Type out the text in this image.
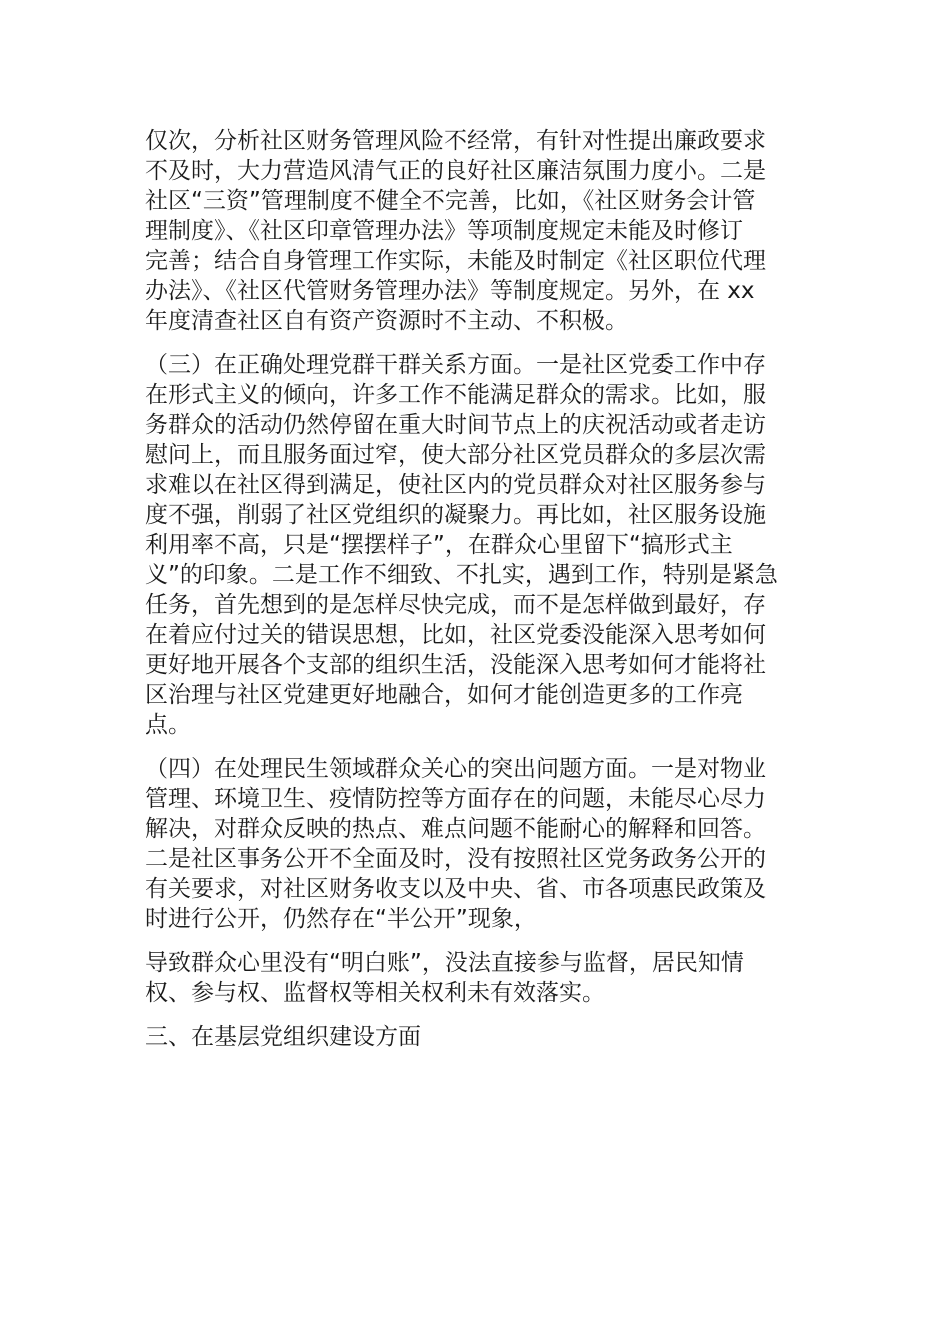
仅次，分析社区财务管理风险不经常，有针对性提出廉政要求
不及时，大力营造风清气正的良好社区廉洁氛围力度小。二是
社区“三资”管理制度不健全不完善，比如，《社区财务会计管
理制度》、《社区印章管理办法》等项制度规定未能及时修订
完善；结合自身管理工作实际，未能及时制定《社区职位代理
办法》、《社区代管财务管理办法》等制度规定。另外，在 xx
年度清查社区自有资产资源时不主动、不积极。
（三）在正确处理党群干群关系方面。一是社区党委工作中存
在形式主义的倾向，许多工作不能满足群众的需求。比如，服
务群众的活动仍然停留在重大时间节点上的庆祝活动或者走访
慰问上，而且服务面过窄，使大部分社区党员群众的多层次需
求难以在社区得到满足，使社区内的党员群众对社区服务参与
度不强，削弱了社区党组织的凝聚力。再比如，社区服务设施
利用率不高，只是“摆摆样子”，在群众心里留下“搞形式主
义”的印象。二是工作不细致、不扎实，遇到工作，特别是紧急
任务，首先想到的是怎样尽快完成，而不是怎样做到最好，存
在着应付过关的错误思想，比如，社区党委没能深入思考如何
更好地开展各个支部的组织生活，没能深入思考如何才能将社
区治理与社区党建更好地融合，如何才能创造更多的工作亮
点。
（四）在处理民生领域群众关心的突出问题方面。一是对物业
管理、环境卫生、疫情防控等方面存在的问题，未能尽心尽力
解决，对群众反映的热点、难点问题不能耐心的解释和回答。
二是社区事务公开不全面及时，没有按照社区党务政务公开的
有关要求，对社区财务收支以及中央、省、市各项惠民政策及
时进行公开，仍然存在“半公开”现象，
导致群众心里没有“明白账”，没法直接参与监督，居民知情
权、参与权、监督权等相关权利未有效落实。
三、在基层党组织建设方面
